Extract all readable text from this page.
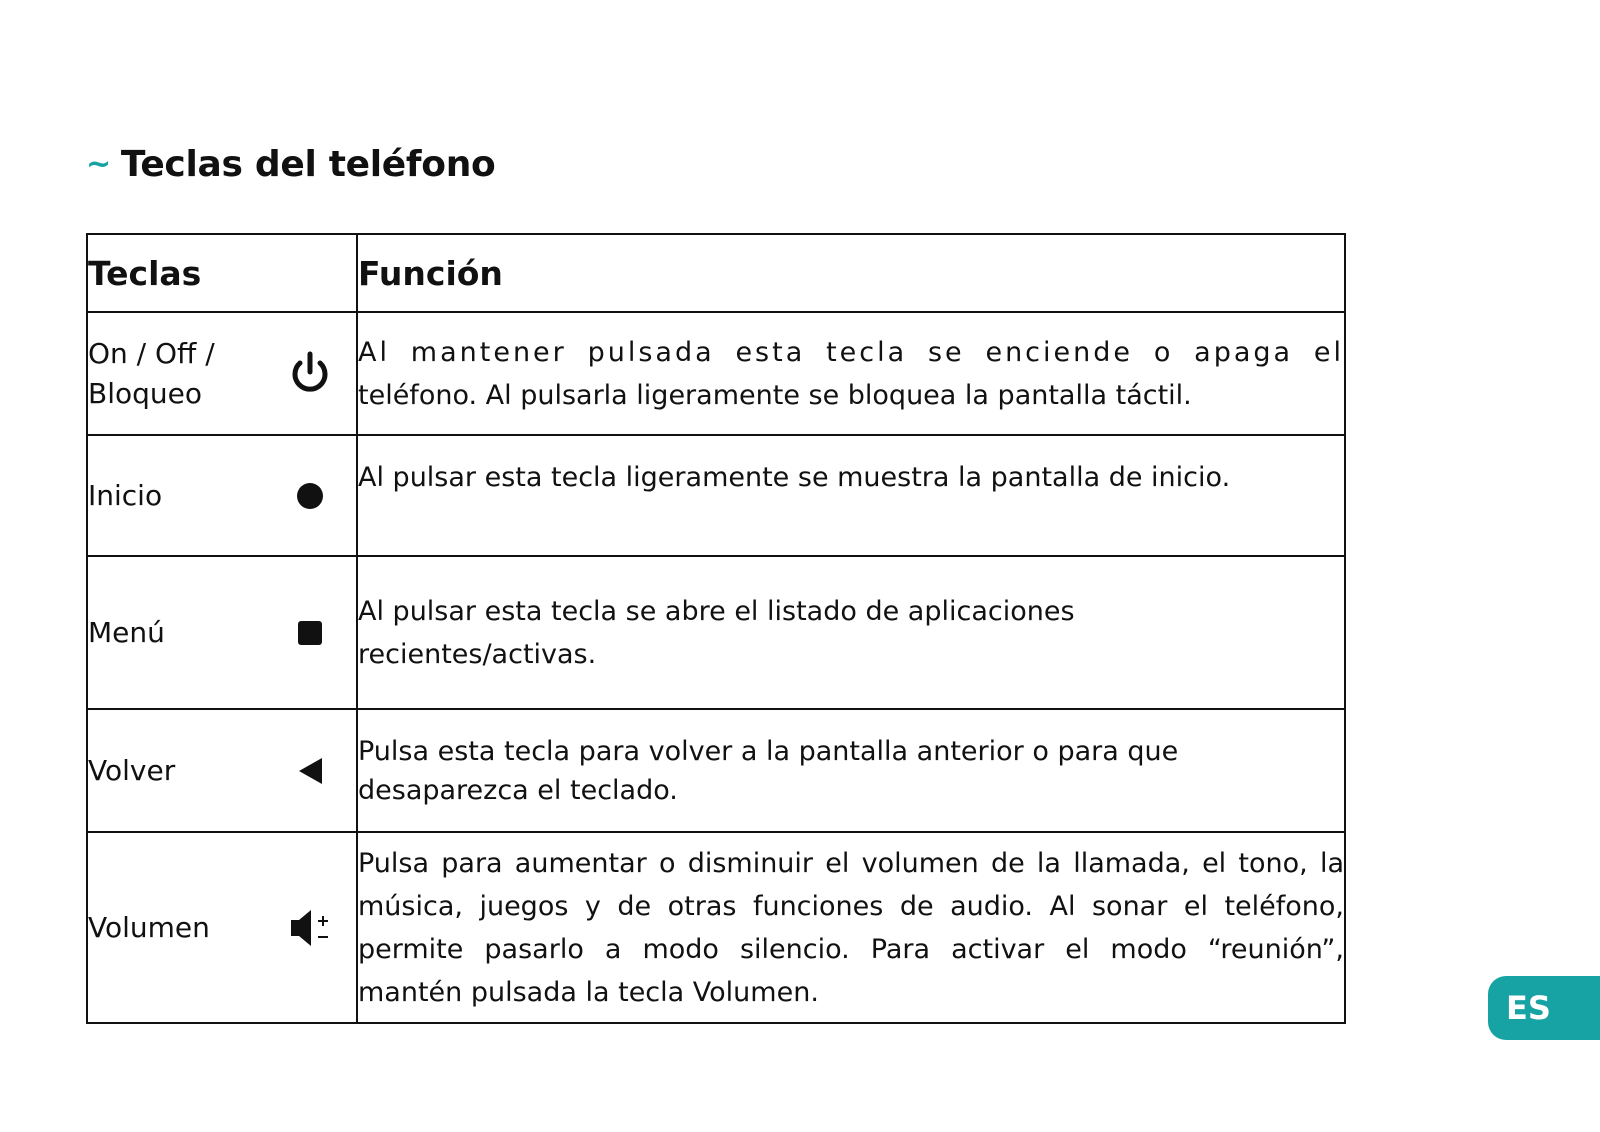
~ Teclas del teléfono
Teclas	Función

On / Off / Bloqueo	Al mantener pulsada esta tecla se enciende o apaga el
teléfono. Al pulsarla ligeramente se bloquea la pantalla táctil.
Inicio	Al pulsar esta tecla ligeramente se muestra la pantalla de inicio.
Menú	Al pulsar esta tecla se abre el listado de aplicaciones recientes/activas.

Volver	Pulsa esta tecla para volver a la pantalla anterior o para que desaparezca el teclado.

Volumen	Pulsa para aumentar o disminuir el volumen de la llamada, el tono, la música, juegos y de otras funciones de audio. Al sonar el teléfono, permite pasarlo a modo silencio. Para activar el modo “reunión”, mantén pulsada la tecla Volumen.	ES
